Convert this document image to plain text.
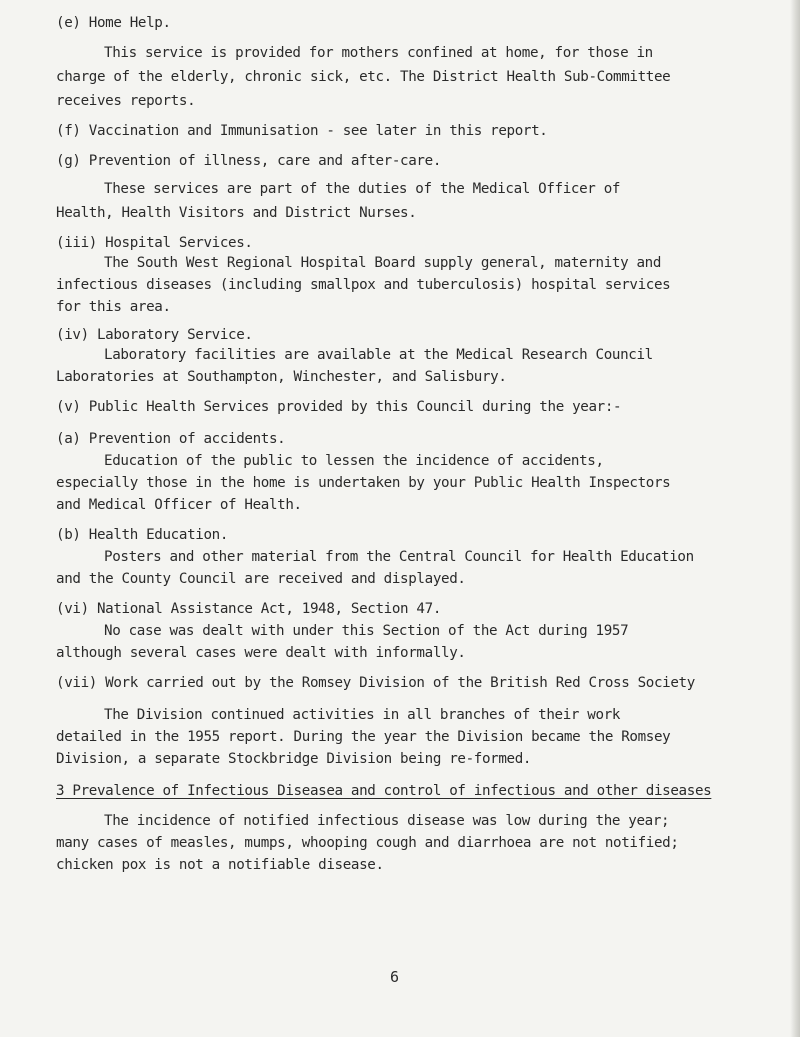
(e) Home Help.
This service is provided for mothers confined at home, for those in
charge of the elderly, chronic sick, etc. The District Health Sub-Committee
receives reports.
(f) Vaccination and Immunisation - see later in this report.
(g) Prevention of illness, care and after-care.
These services are part of the duties of the Medical Officer of
Health, Health Visitors and District Nurses.
(iii) Hospital Services.
The South West Regional Hospital Board supply general, maternity and
infectious diseases (including smallpox and tuberculosis) hospital services
for this area.
(iv) Laboratory Service.
Laboratory facilities are available at the Medical Research Council
Laboratories at Southampton, Winchester, and Salisbury.
(v) Public Health Services provided by this Council during the year:-
(a) Prevention of accidents.
Education of the public to lessen the incidence of accidents,
especially those in the home is undertaken by your Public Health Inspectors
and Medical Officer of Health.
(b) Health Education.
Posters and other material from the Central Council for Health Education
and the County Council are received and displayed.
(vi) National Assistance Act, 1948, Section 47.
No case was dealt with under this Section of the Act during 1957
although several cases were dealt with informally.
(vii) Work carried out by the Romsey Division of the British Red Cross Society
The Division continued activities in all branches of their work
detailed in the 1955 report. During the year the Division became the Romsey
Division, a separate Stockbridge Division being re-formed.
3 Prevalence of Infectious Diseasea and control of infectious and other diseases
The incidence of notified infectious disease was low during the year;
many cases of measles, mumps, whooping cough and diarrhoea are not notified;
chicken pox is not a notifiable disease.
6
